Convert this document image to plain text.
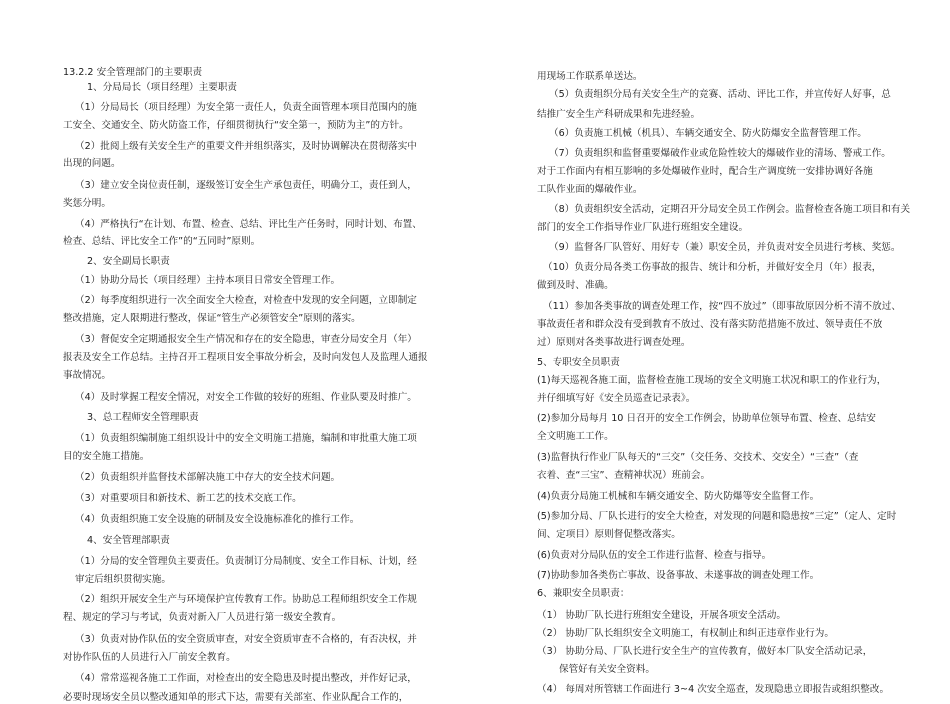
13.2.2 安全管理部门的主要职责
1、分局局长（项目经理）主要职责
（1）分局局长（项目经理）为安全第一责任人，负责全面管理本项目范围内的施
工安全、交通安全、防火防盗工作，仔细贯彻执行“安全第一，预防为主”的方针。
（2）批阅上级有关安全生产的重要文件并组织落实，及时协调解决在贯彻落实中
出现的问题。
（3）建立安全岗位责任制，逐级签订安全生产承包责任，明确分工，责任到人，
奖惩分明。
（4）严格执行“在计划、布置、检查、总结、评比生产任务时，同时计划、布置、
检查、总结、评比安全工作”的“五同时”原则。
2、安全副局长职责
（1）协助分局长（项目经理）主持本项目日常安全管理工作。
（2）每季度组织进行一次全面安全大检查，对检查中发现的安全问题，立即制定
整改措施，定人限期进行整改，保证“管生产必须管安全”原则的落实。
（3）督促安全定期通报安全生产情况和存在的安全隐患，审查分局安全月（年）
报表及安全工作总结。主持召开工程项目安全事故分析会，及时向发包人及监理人通报
事故情况。
（4）及时掌握工程安全情况，对安全工作做的较好的班组、作业队要及时推广。
3、总工程师安全管理职责
（1）负责组织编制施工组织设计中的安全文明施工措施，编制和审批重大施工项
目的安全施工措施。
（2）负责组织并监督技术部解决施工中存大的安全技术问题。
（3）对重要项目和新技术、新工艺的技术交底工作。
（4）负责组织施工安全设施的研制及安全设施标准化的推行工作。
4、安全管理部职责
（1）分局的安全管理负主要责任。负责制订分局制度、安全工作目标、计划，经
审定后组织贯彻实施。
（2）组织开展安全生产与环境保护宣传教育工作。协助总工程师组织安全工作规
程、规定的学习与考试，负责对新入厂人员进行第一级安全教育。
（3）负责对协作队伍的安全资质审查，对安全资质审查不合格的，有否决权，并
对协作队伍的人员进行入厂前安全教育。
（4）常常巡视各施工工作面，对检查出的安全隐患及时提出整改，并作好记录，
必要时现场安全员以整改通知单的形式下达，需要有关部室、作业队配合工作的，
用现场工作联系单送达。
（5）负责组织分局有关安全生产的竞赛、活动、评比工作，并宣传好人好事，总
结推广安全生产科研成果和先进经验。
（6）负责施工机械（机具）、车辆交通安全、防火防爆安全监督管理工作。
（7）负责组织和监督重要爆破作业或危险性较大的爆破作业的清场、警戒工作。
对于工作面内有相互影响的多处爆破作业时，配合生产调度统一安排协调好各施
工队作业面的爆破作业。
（8）负责组织安全活动，定期召开分局安全员工作例会。监督检查各施工项目和有关
部门的安全工作指导作业厂队进行班组安全建设。
（9）监督各厂队管好、用好专（兼）职安全员，并负责对安全员进行考核、奖惩。
（10）负责分局各类工伤事故的报告、统计和分析，并做好安全月（年）报表，
做到及时、准确。
（11）参加各类事故的调查处理工作，按“四不放过”（即事故原因分析不清不放过、
事故责任者和群众没有受到教育不放过、没有落实防范措施不放过、领导责任不放
过）原则对各类事故进行调查处理。
5、专职安全员职责
(1)每天巡视各施工面，监督检查施工现场的安全文明施工状况和职工的作业行为，
并仔细填写好《安全员巡查记录表》。
(2)参加分局每月 10 日召开的安全工作例会，协助单位领导布置、检查、总结安
全文明施工工作。
(3)监督执行作业厂队每天的“三交”（交任务、交技术、交安全）“三查”（查
衣着、查“三宝”、查精神状况）班前会。
(4)负责分局施工机械和车辆交通安全、防火防爆等安全监督工作。
(5)参加分局、厂队长进行的安全大检查，对发现的问题和隐患按“三定”（定人、定时
间、定项目）原则督促整改落实。
(6)负责对分局队伍的安全工作进行监督、检查与指导。
(7)协助参加各类伤亡事故、设备事故、未遂事故的调查处理工作。
6、兼职安全员职责：
（1） 协助厂队长进行班组安全建设，开展各项安全活动。
（2） 协助厂队长组织安全文明施工，有权制止和纠正违章作业行为。
（3） 协助分局、厂队长进行安全生产的宣传教育，做好本厂队安全活动记录，
保管好有关安全资料。
（4） 每周对所管辖工作面进行 3~4 次安全巡查，发现隐患立即报告或组织整改。
